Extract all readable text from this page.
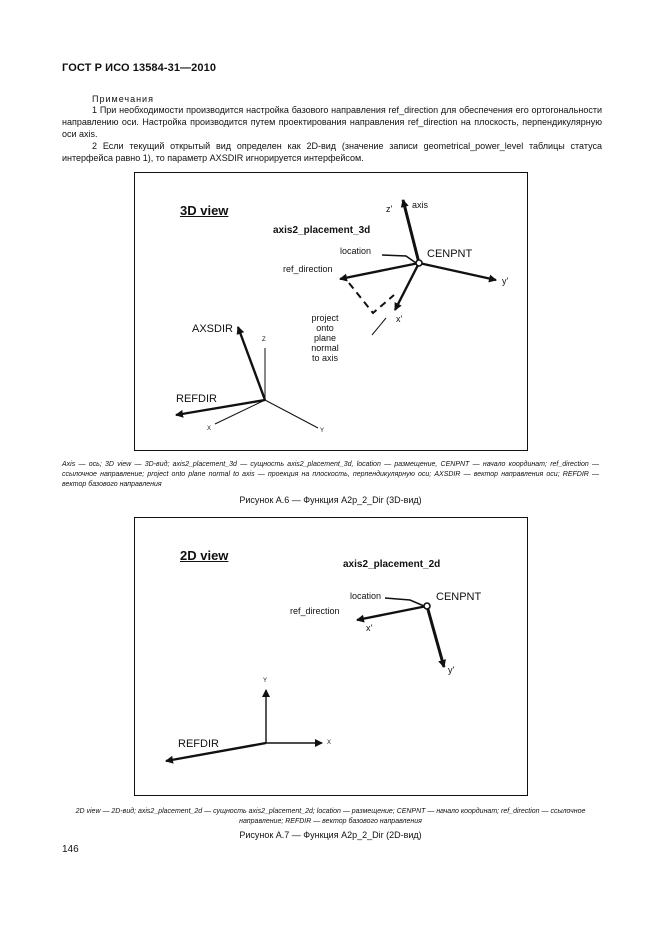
ГОСТ Р ИСО 13584-31—2010
Примечания
1 При необходимости производится настройка базового направления ref_direction для обеспечения его ортогональности направлению оси. Настройка производится путем проектирования направления ref_direction на плоскость, перпендикулярную оси axis.
2 Если текущий открытый вид определен как 2D-вид (значение записи geometrical_power_level таблицы статуса интерфейса равно 1), то параметр AXSDIR игнорируется интерфейсом.
3D view
axis2_placement_3d
z' axis
location	CENPNT
ref_direction
y'
x'
project
onto
plane
normal
to axis
AXSDIR
Z
REFDIR
X	Y
Axis — ось; 3D view — 3D-вид; axis2_placement_3d — сущность axis2_placement_3d, location — размещение, CENPNT — начало координат; ref_direction — ссылочное направление; project onto plane normal to axis — проекция на плоскость, перпендикулярную оси; AXSDIR — вектор направления оси; REFDIR — вектор базового направления
Рисунок А.6 — Функция A2p_2_Dir (3D-вид)
2D view
axis2_placement_2d
location	CENPNT
ref_direction
x'
y'
Y
X
REFDIR
2D view — 2D-вид; axis2_placement_2d — сущность axis2_placement_2d; location — размещение; CENPNT — начало координат; ref_direction — ссылочное направление; REFDIR — вектор базового направления
Рисунок А.7 — Функция A2p_2_Dir (2D-вид)
146
